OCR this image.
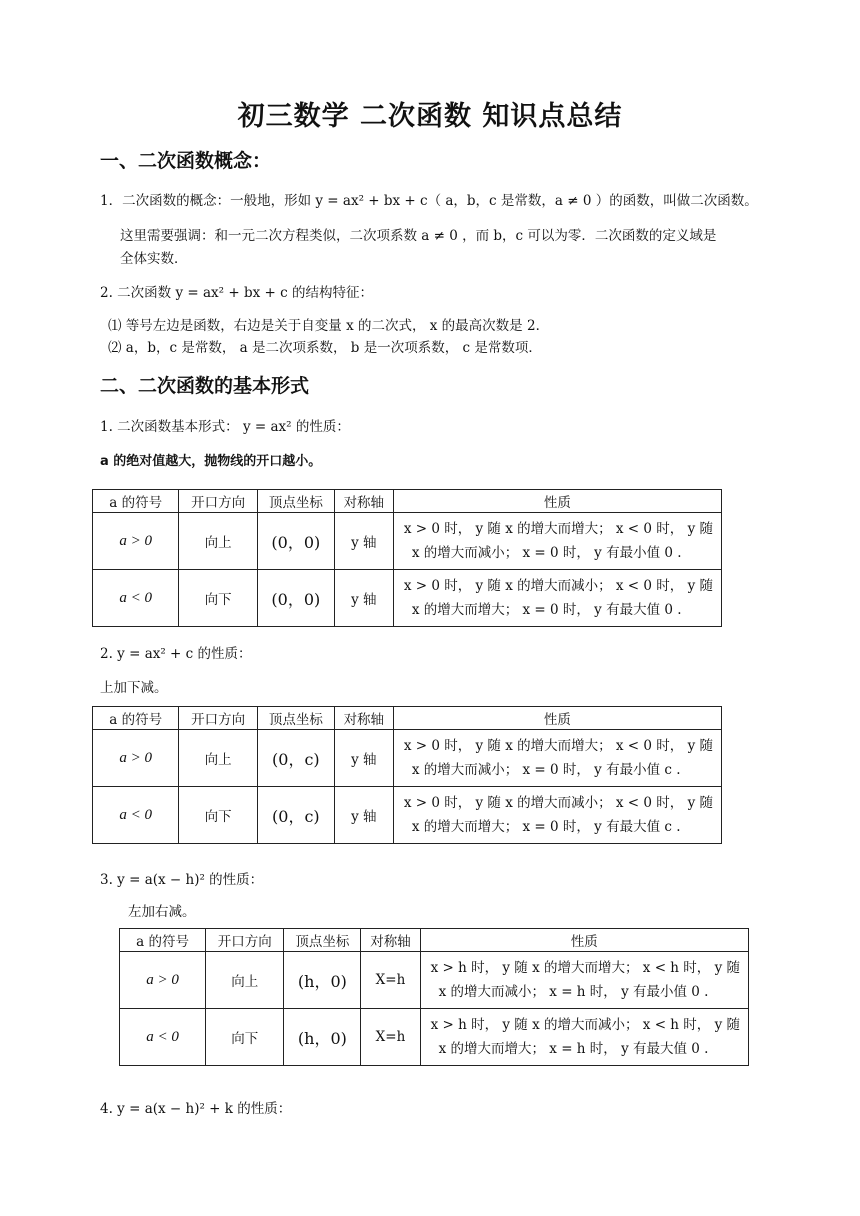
初三数学 二次函数 知识点总结
一、二次函数概念：

1．二次函数的概念：一般地，形如 y = ax² + bx + c（ a，b，c 是常数，a ≠ 0 ）的函数，叫做二次函数。

这里需要强调：和一元二次方程类似，二次项系数 a ≠ 0 ，而 b，c 可以为零．二次函数的定义域是

全体实数．

2. 二次函数 y = ax² + bx + c 的结构特征：

⑴ 等号左边是函数，右边是关于自变量 x 的二次式， x 的最高次数是 2．

⑵ a，b，c 是常数， a 是二次项系数， b 是一次项系数， c 是常数项．

二、二次函数的基本形式

1. 二次函数基本形式： y = ax² 的性质：

a 的绝对值越大，抛物线的开口越小。

a 的符号	开口方向	顶点坐标	对称轴	性质
a > 0	向上	(0，0)	y 轴	x > 0 时， y 随 x 的增大而增大； x < 0 时， y 随
x 的增大而减小； x = 0 时， y 有最小值 0 .

a < 0	向下	(0，0)	y 轴	x > 0 时， y 随 x 的增大而减小； x < 0 时， y 随
x 的增大而增大； x = 0 时， y 有最大值 0 .

2. y = ax² + c 的性质：

上加下减。

a 的符号	开口方向	顶点坐标	对称轴	性质
a > 0	向上	(0，c)	y 轴	x > 0 时， y 随 x 的增大而增大； x < 0 时， y 随
x 的增大而减小； x = 0 时， y 有最小值 c .

a < 0	向下	(0，c)	y 轴	x > 0 时， y 随 x 的增大而减小； x < 0 时， y 随
x 的增大而增大； x = 0 时， y 有最大值 c .

3. y = a(x − h)² 的性质：

左加右减。

a 的符号	开口方向	顶点坐标	对称轴	性质
a > 0	向上	(h，0)	X=h	x > h 时， y 随 x 的增大而增大； x < h 时， y 随
x 的增大而减小； x = h 时， y 有最小值 0 .

a < 0	向下	(h，0)	X=h	x > h 时， y 随 x 的增大而减小； x < h 时， y 随
x 的增大而增大； x = h 时， y 有最大值 0 .

4. y = a(x − h)² + k 的性质：
